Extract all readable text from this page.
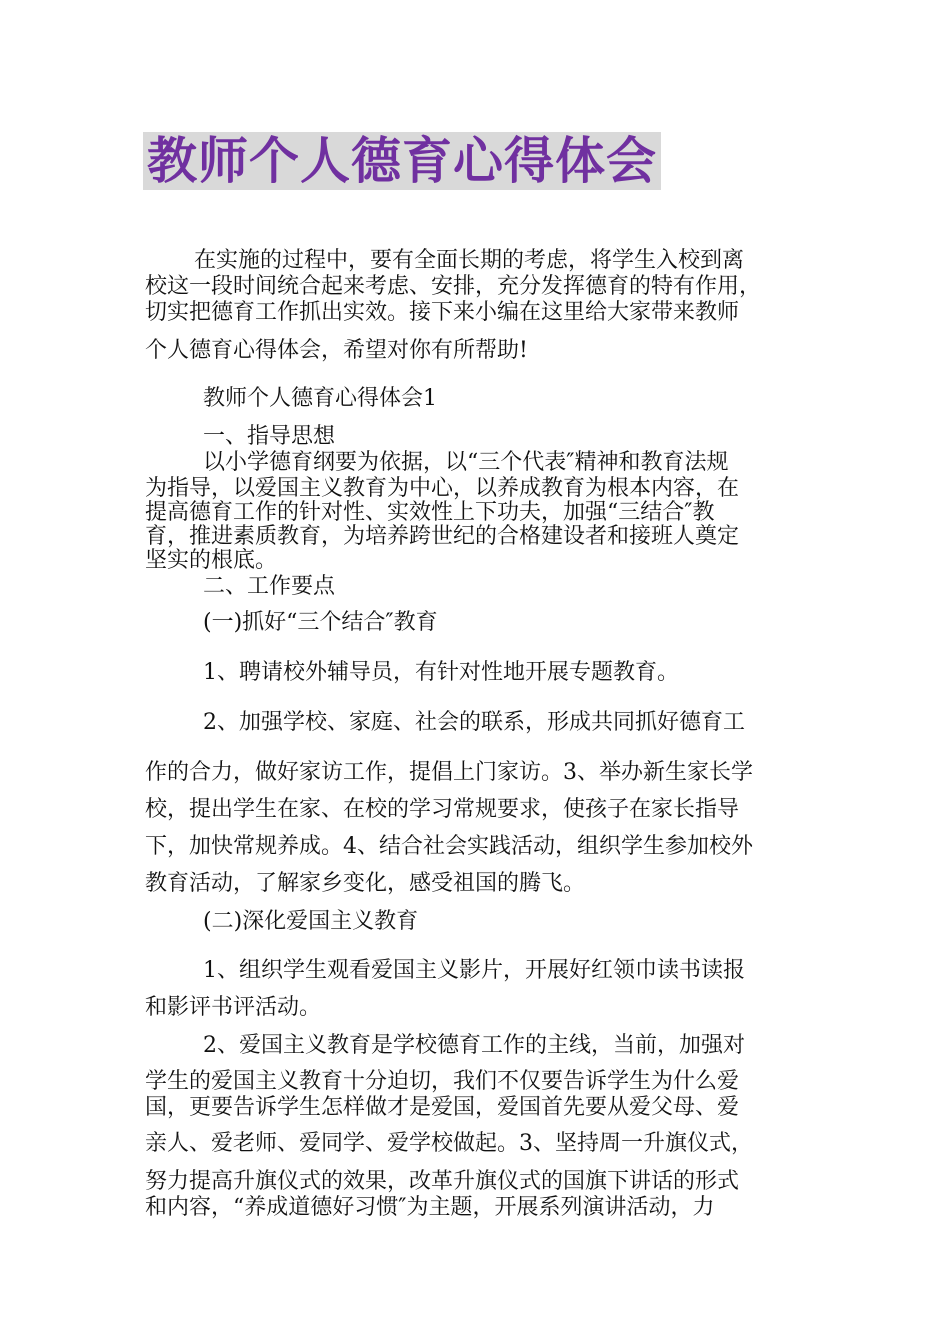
教师个人德育心得体会
在实施的过程中，要有全面长期的考虑，将学生入校到离
校这一段时间统合起来考虑、安排，充分发挥德育的特有作用，
切实把德育工作抓出实效。接下来小编在这里给大家带来教师
个人德育心得体会，希望对你有所帮助!
教师个人德育心得体会1
一、指导思想
以小学德育纲要为依据，以“三个代表″精神和教育法规
为指导，以爱国主义教育为中心，以养成教育为根本内容，在
提高德育工作的针对性、实效性上下功夫，加强“三结合″教
育，推进素质教育，为培养跨世纪的合格建设者和接班人奠定
坚实的根底。
二、工作要点
(一)抓好“三个结合″教育
1、聘请校外辅导员，有针对性地开展专题教育。
2、加强学校、家庭、社会的联系，形成共同抓好德育工
作的合力，做好家访工作，提倡上门家访。3、举办新生家长学
校，提出学生在家、在校的学习常规要求，使孩子在家长指导
下，加快常规养成。4、结合社会实践活动，组织学生参加校外
教育活动，了解家乡变化，感受祖国的腾飞。
(二)深化爱国主义教育
1、组织学生观看爱国主义影片，开展好红领巾读书读报
和影评书评活动。
2、爱国主义教育是学校德育工作的主线，当前，加强对
学生的爱国主义教育十分迫切，我们不仅要告诉学生为什么爱
国，更要告诉学生怎样做才是爱国，爱国首先要从爱父母、爱
亲人、爱老师、爱同学、爱学校做起。3、坚持周一升旗仪式，
努力提高升旗仪式的效果，改革升旗仪式的国旗下讲话的形式
和内容，“养成道德好习惯″为主题，开展系列演讲活动，力
